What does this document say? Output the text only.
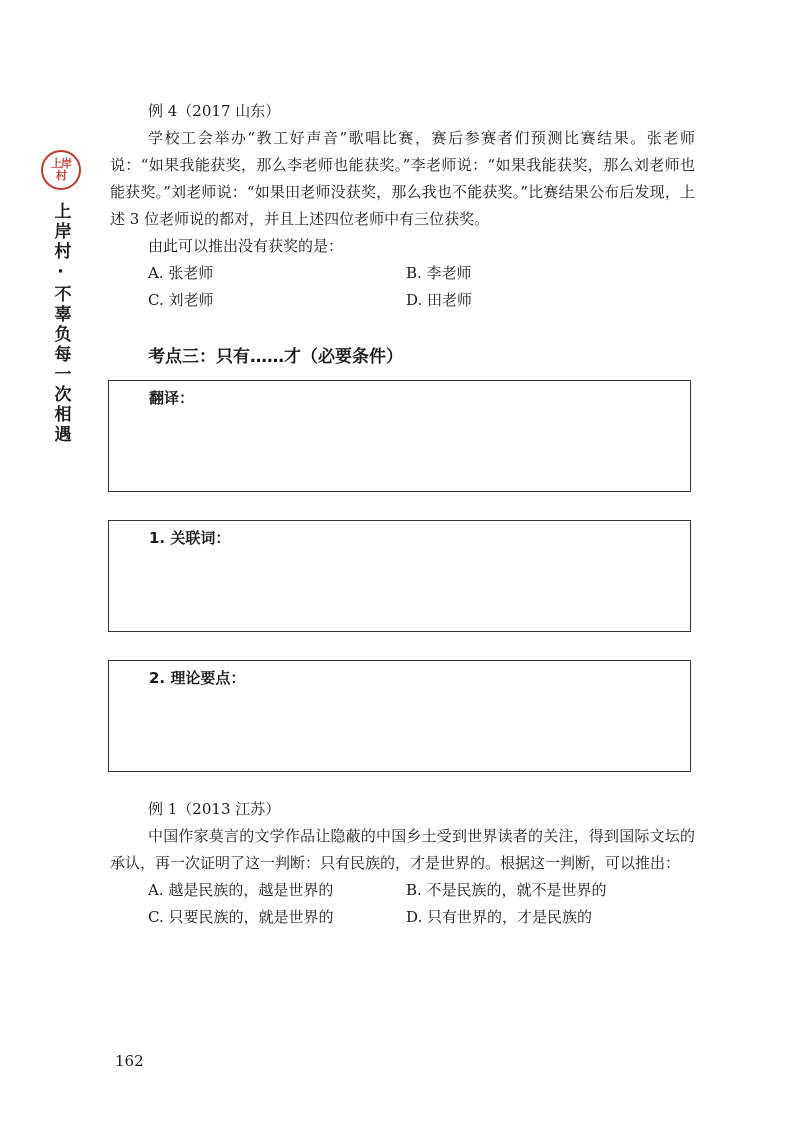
上岸村
上岸村·不辜负每一次相遇
例 4（2017 山东）
学校工会举办“教工好声音”歌唱比赛，赛后参赛者们预测比赛结果。张老师说：“如果我能获奖，那么李老师也能获奖。”李老师说：“如果我能获奖，那么刘老师也能获奖。”刘老师说：“如果田老师没获奖，那么我也不能获奖。”比赛结果公布后发现，上述 3 位老师说的都对，并且上述四位老师中有三位获奖。
由此可以推出没有获奖的是：
A. 张老师	B. 李老师
C. 刘老师	D. 田老师
考点三：只有……才（必要条件）
翻译：
1. 关联词：
2. 理论要点：
例 1（2013 江苏）
中国作家莫言的文学作品让隐蔽的中国乡土受到世界读者的关注，得到国际文坛的承认，再一次证明了这一判断：只有民族的，才是世界的。根据这一判断，可以推出：
A. 越是民族的，越是世界的	B. 不是民族的，就不是世界的
C. 只要民族的，就是世界的	D. 只有世界的，才是民族的
162
